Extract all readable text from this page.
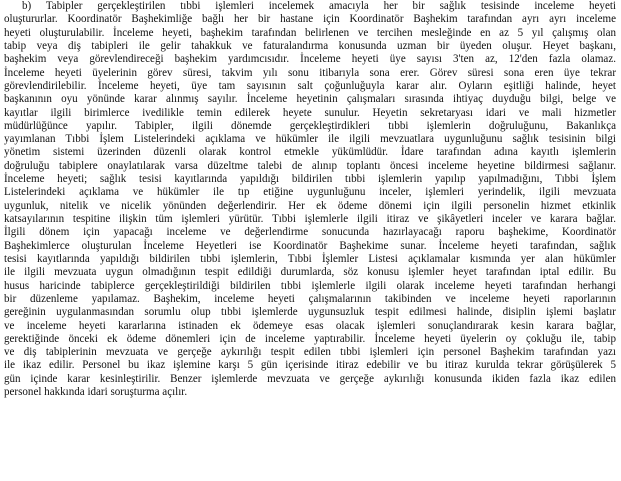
b) Tabipler gerçekleştirilen tıbbi işlemleri incelemek amacıyla her bir sağlık tesisinde inceleme heyeti
oluştururlar. Koordinatör Başhekimliğe bağlı her bir hastane için Koordinatör Başhekim tarafından ayrı ayrı inceleme
heyeti oluşturulabilir. İnceleme heyeti, başhekim tarafından belirlenen ve tercihen mesleğinde en az 5 yıl çalışmış olan
tabip veya diş tabipleri ile gelir tahakkuk ve faturalandırma konusunda uzman bir üyeden oluşur. Heyet başkanı,
başhekim veya görevlendireceği başhekim yardımcısıdır. İnceleme heyeti üye sayısı 3'ten az, 12'den fazla olamaz.
İnceleme heyeti üyelerinin görev süresi, takvim yılı sonu itibarıyla sona erer. Görev süresi sona eren üye tekrar
görevlendirilebilir. İnceleme heyeti, üye tam sayısının salt çoğunluğuyla karar alır. Oyların eşitliği halinde, heyet
başkanının oyu yönünde karar alınmış sayılır. İnceleme heyetinin çalışmaları sırasında ihtiyaç duyduğu bilgi, belge ve
kayıtlar ilgili birimlerce ivedilikle temin edilerek heyete sunulur. Heyetin sekretaryası idari ve mali hizmetler
müdürlüğünce yapılır. Tabipler, ilgili dönemde gerçekleştirdikleri tıbbi işlemlerin doğruluğunu, Bakanlıkça
yayımlanan Tıbbi İşlem Listelerindeki açıklama ve hükümler ile ilgili mevzuatlara uygunluğunu sağlık tesisinin bilgi
yönetim sistemi üzerinden düzenli olarak kontrol etmekle yükümlüdür. İdare tarafından adına kayıtlı işlemlerin
doğruluğu tabiplere onaylatılarak varsa düzeltme talebi de alınıp toplantı öncesi inceleme heyetine bildirmesi sağlanır.
İnceleme heyeti; sağlık tesisi kayıtlarında yapıldığı bildirilen tıbbi işlemlerin yapılıp yapılmadığını, Tıbbi İşlem
Listelerindeki açıklama ve hükümler ile tıp etiğine uygunluğunu inceler, işlemleri yerindelik, ilgili mevzuata
uygunluk, nitelik ve nicelik yönünden değerlendirir. Her ek ödeme dönemi için ilgili personelin hizmet etkinlik
katsayılarının tespitine ilişkin tüm işlemleri yürütür. Tıbbi işlemlerle ilgili itiraz ve şikâyetleri inceler ve karara bağlar.
İlgili dönem için yapacağı inceleme ve değerlendirme sonucunda hazırlayacağı raporu başhekime, Koordinatör
Başhekimlerce oluşturulan İnceleme Heyetleri ise Koordinatör Başhekime sunar. İnceleme heyeti tarafından, sağlık
tesisi kayıtlarında yapıldığı bildirilen tıbbi işlemlerin, Tıbbi İşlemler Listesi açıklamalar kısmında yer alan hükümler
ile ilgili mevzuata uygun olmadığının tespit edildiği durumlarda, söz konusu işlemler heyet tarafından iptal edilir. Bu
husus haricinde tabiplerce gerçekleştirildiği bildirilen tıbbi işlemlerle ilgili olarak inceleme heyeti tarafından herhangi
bir düzenleme yapılamaz. Başhekim, inceleme heyeti çalışmalarının takibinden ve inceleme heyeti raporlarının
gereğinin uygulanmasından sorumlu olup tıbbi işlemlerde uygunsuzluk tespit edilmesi halinde, disiplin işlemi başlatır
ve inceleme heyeti kararlarına istinaden ek ödemeye esas olacak işlemleri sonuçlandırarak kesin karara bağlar,
gerektiğinde önceki ek ödeme dönemleri için de inceleme yaptırabilir. İnceleme heyeti üyelerin oy çokluğu ile, tabip
ve diş tabiplerinin mevzuata ve gerçeğe aykırılığı tespit edilen tıbbi işlemleri için personel Başhekim tarafından yazı
ile ikaz edilir. Personel bu ikaz işlemine karşı 5 gün içerisinde itiraz edebilir ve bu itiraz kurulda tekrar görüşülerek 5
gün içinde karar kesinleştirilir. Benzer işlemlerde mevzuata ve gerçeğe aykırılığı konusunda ikiden fazla ikaz edilen
personel hakkında idari soruşturma açılır.
